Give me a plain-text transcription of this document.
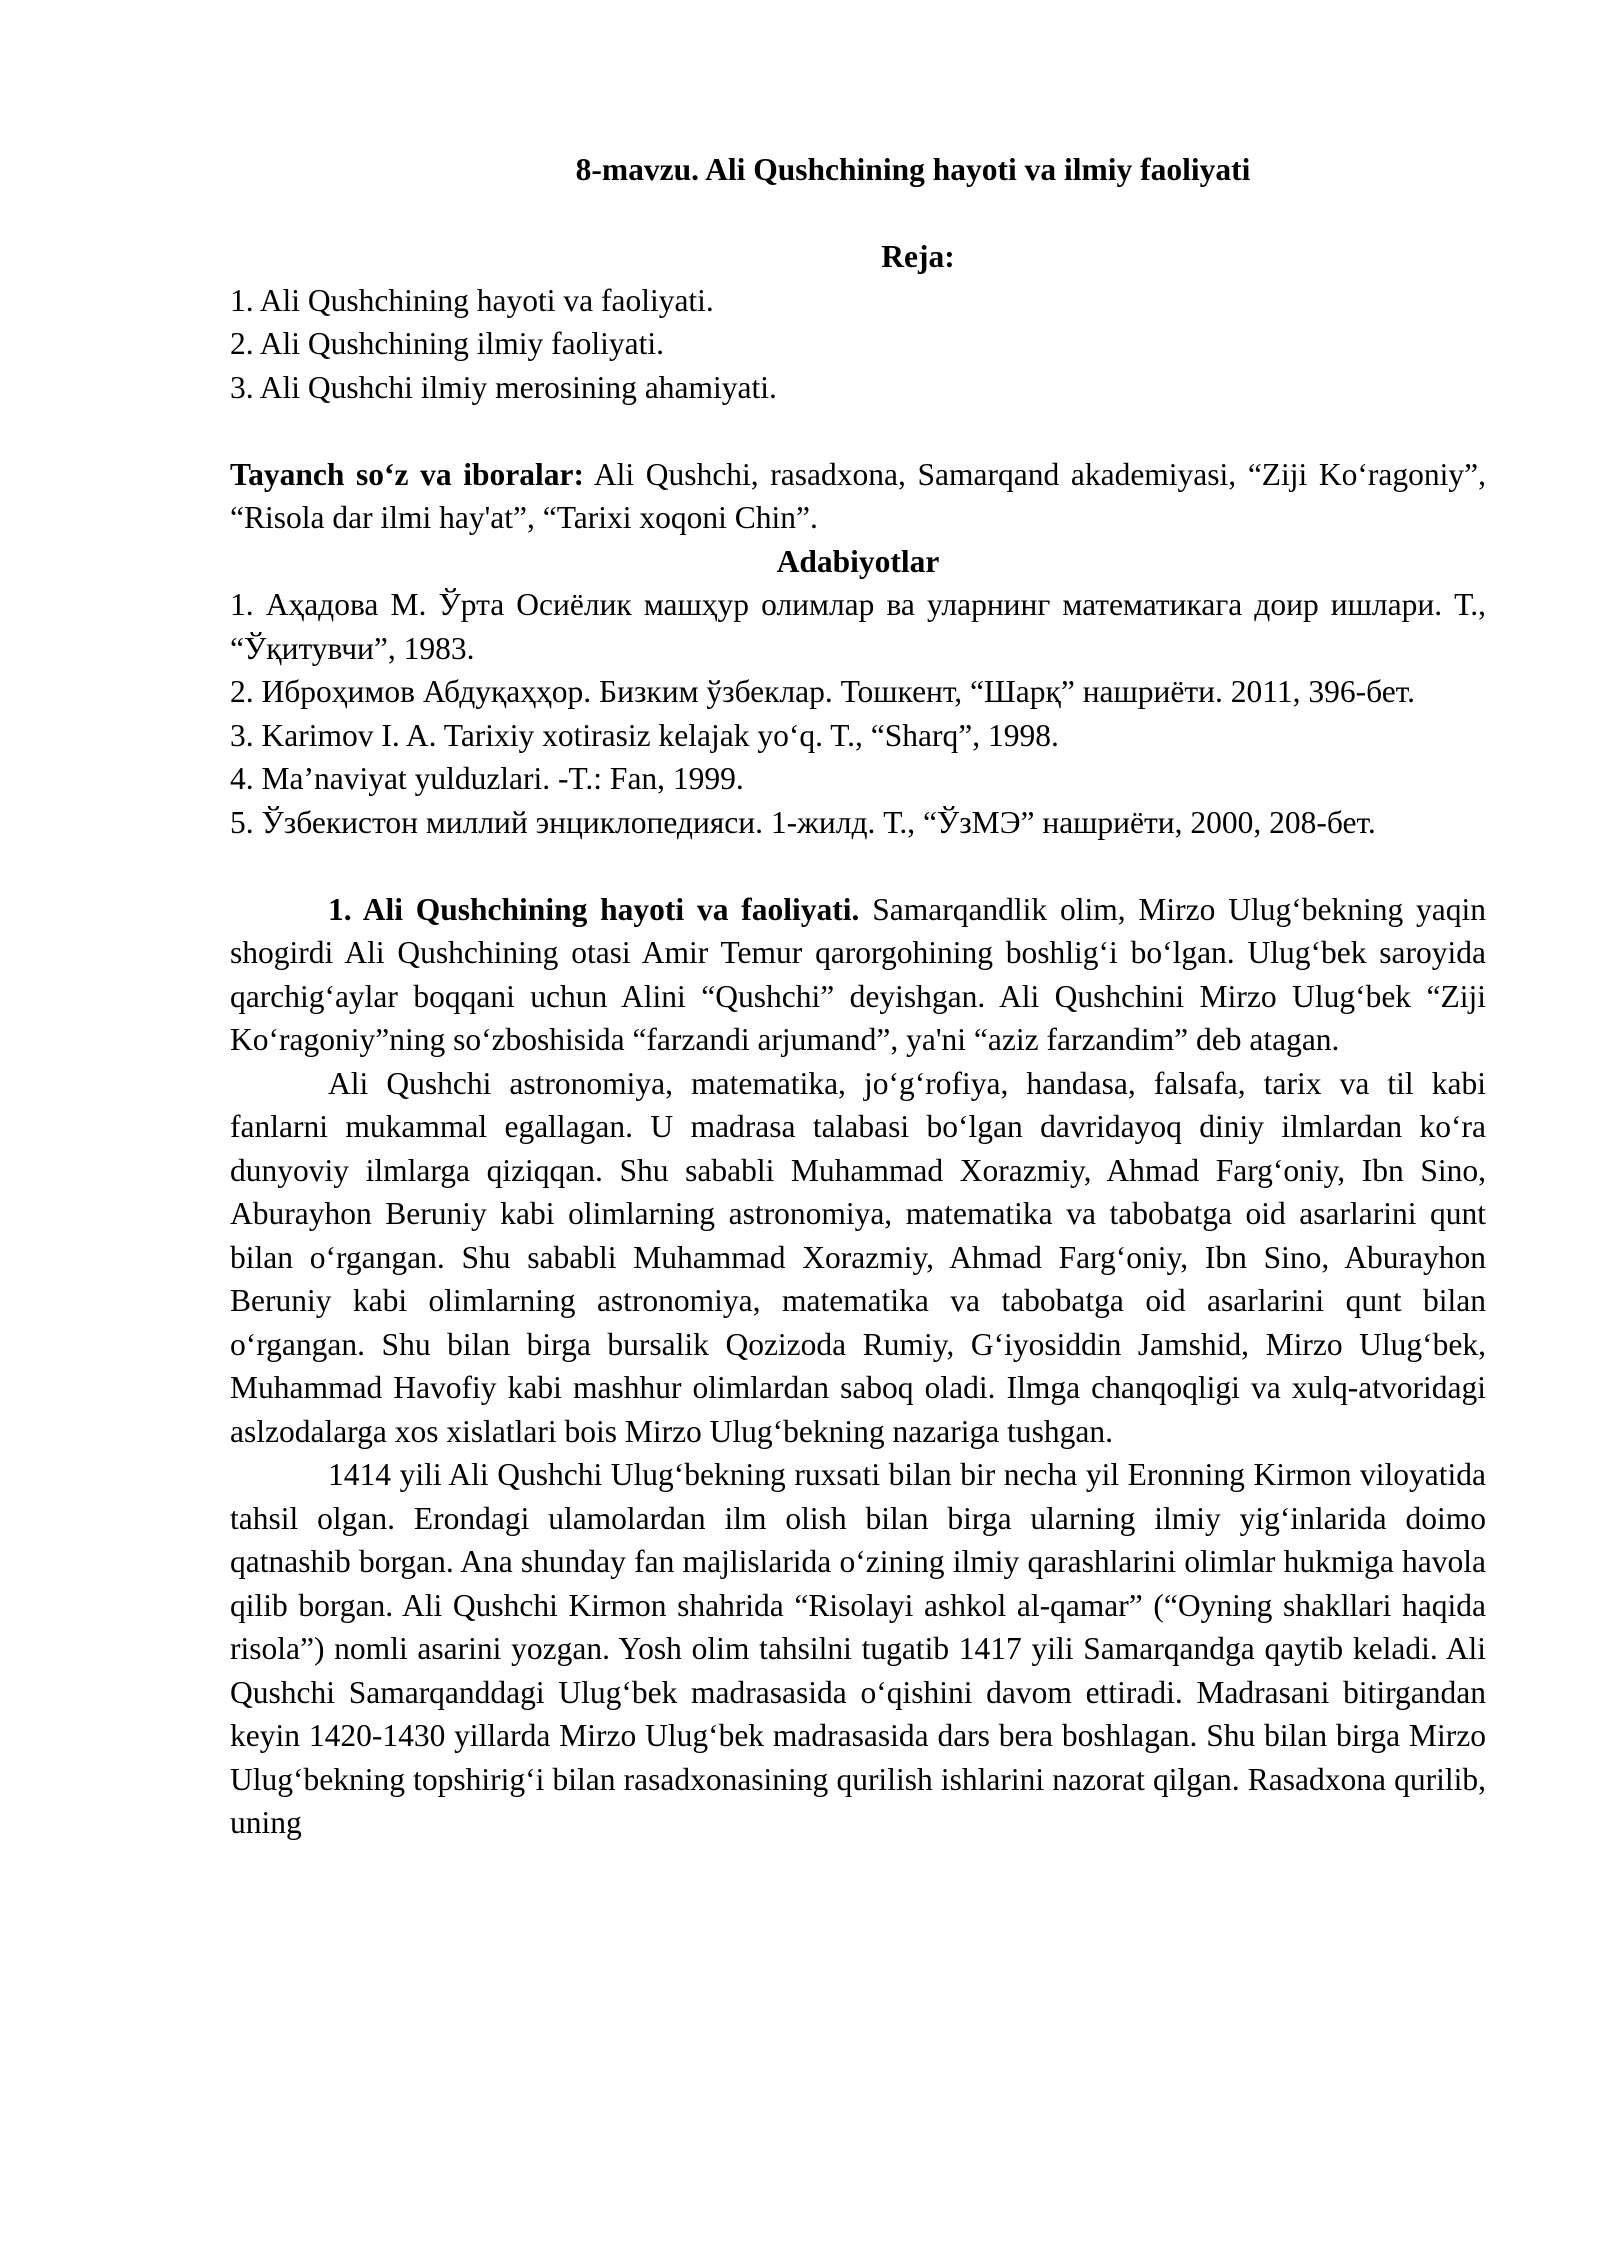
8-mavzu. Ali Qushchining hayoti va ilmiy faoliyati

Reja:

1. Ali Qushchining hayoti va faoliyati.

2. Ali Qushchining ilmiy faoliyati.

3. Ali Qushchi ilmiy merosining ahamiyati.

Tayanch so‘z va iboralar: Ali Qushchi, rasadxona, Samarqand akademiyasi, “Ziji Ko‘ragoniy”, “Risola dar ilmi hay'at”, “Tarixi xoqoni Chin”.

Adabiyotlar

1. Аҳадова М. Ўрта Осиёлик машҳур олимлар ва уларнинг математикага доир ишлари. Т., “Ўқитувчи”, 1983.

2. Иброҳимов Абдуқаҳҳор. Бизким ўзбеклар. Тошкент, “Шарқ” нашриёти. 2011, 396-бет.

3. Karimov I. A. Tarixiy xotirasiz kelajak yo‘q. T., “Sharq”, 1998.

4. Ma’naviyat yulduzlari. -T.: Fan, 1999.

5. Ўзбекистон миллий энциклопедияси. 1-жилд. Т., “ЎзМЭ” нашриёти, 2000, 208-бет.

1. Ali Qushchining hayoti va faoliyati. Samarqandlik olim, Mirzo Ulug‘bekning yaqin shogirdi Ali Qushchining otasi Amir Temur qarorgohining boshlig‘i bo‘lgan. Ulug‘bek saroyida qarchig‘aylar boqqani uchun Alini “Qushchi” deyishgan. Ali Qushchini Mirzo Ulug‘bek “Ziji Ko‘ragoniy”ning so‘zboshisida “farzandi arjumand”, ya'ni “aziz farzandim” deb atagan.

Ali Qushchi astronomiya, matematika, jo‘g‘rofiya, handasa, falsafa, tarix va til kabi fanlarni mukammal egallagan. U madrasa talabasi bo‘lgan davridayoq diniy ilmlardan ko‘ra dunyoviy ilmlarga qiziqqan. Shu sababli Muhammad Xorazmiy, Ahmad Farg‘oniy, Ibn Sino, Aburayhon Beruniy kabi olimlarning astronomiya, matematika va tabobatga oid asarlarini qunt bilan o‘rgangan. Shu sababli Muhammad Xorazmiy, Ahmad Farg‘oniy, Ibn Sino, Aburayhon Beruniy kabi olimlarning astronomiya, matematika va tabobatga oid asarlarini qunt bilan o‘rgangan. Shu bilan birga bursalik Qozizoda Rumiy, G‘iyosiddin Jamshid, Mirzo Ulug‘bek, Muhammad Havofiy kabi mashhur olimlardan saboq oladi. Ilmga chanqoqligi va xulq-atvoridagi aslzodalarga xos xislatlari bois Mirzo Ulug‘bekning nazariga tushgan.

1414 yili Ali Qushchi Ulug‘bekning ruxsati bilan bir necha yil Eronning Kirmon viloyatida tahsil olgan. Erondagi ulamolardan ilm olish bilan birga ularning ilmiy yig‘inlarida doimo qatnashib borgan. Ana shunday fan majlislarida o‘zining ilmiy qarashlarini olimlar hukmiga havola qilib borgan. Ali Qushchi Kirmon shahrida “Risolayi ashkol al-qamar” (“Oyning shakllari haqida risola”) nomli asarini yozgan. Yosh olim tahsilni tugatib 1417 yili Samarqandga qaytib keladi. Ali Qushchi Samarqanddagi Ulug‘bek madrasasida o‘qishini davom ettiradi. Madrasani bitirgandan keyin 1420-1430 yillarda Mirzo Ulug‘bek madrasasida dars bera boshlagan. Shu bilan birga Mirzo Ulug‘bekning topshirig‘i bilan rasadxonasining qurilish ishlarini nazorat qilgan. Rasadxona qurilib, uning
